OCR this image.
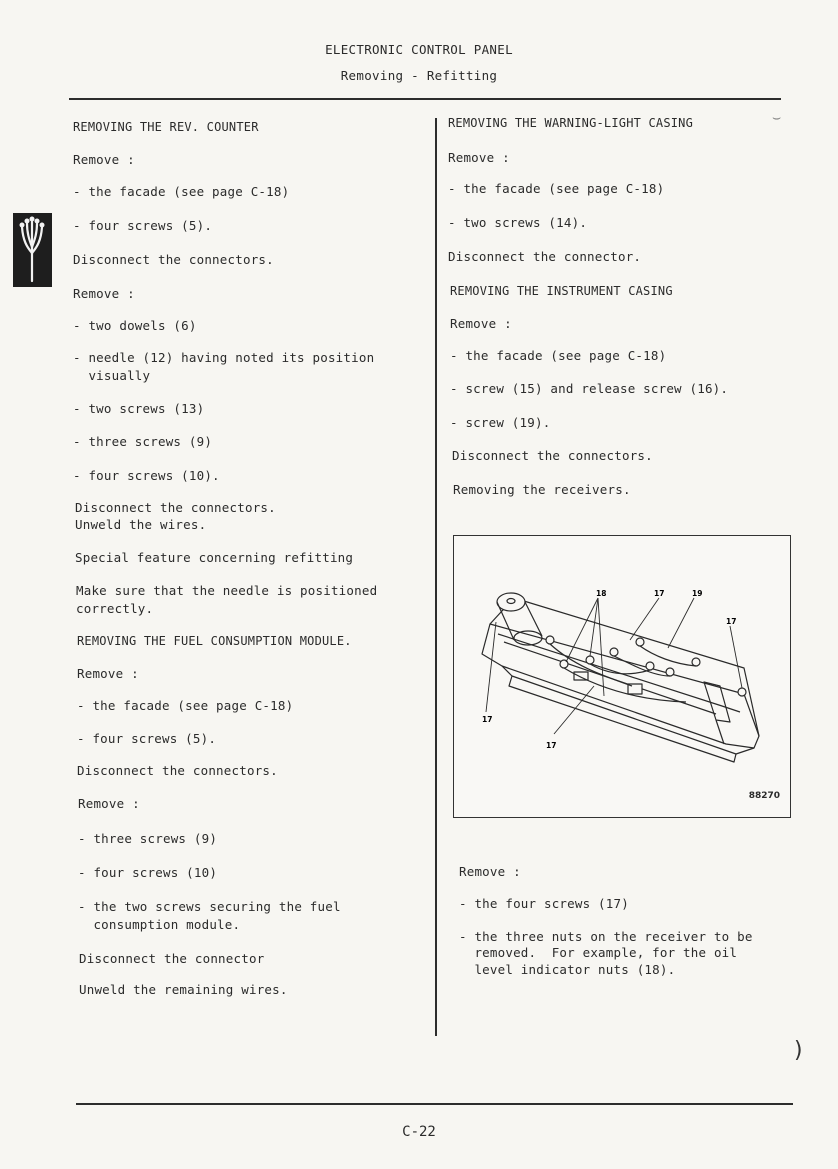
ELECTRONIC CONTROL PANEL
Removing - Refitting
REMOVING THE REV. COUNTER
Remove :
- the facade (see page C-18)
- four screws (5).
Disconnect the connectors.
Remove :
- two dowels (6)
- needle (12) having noted its position
visually
- two screws (13)
- three screws (9)
- four screws (10).
Disconnect the connectors.
Unweld the wires.
Special feature concerning refitting
Make sure that the needle is positioned
correctly.
REMOVING THE FUEL CONSUMPTION MODULE.
Remove :
- the facade (see page C-18)
- four screws (5).
Disconnect the connectors.
Remove :
- three screws (9)
- four screws (10)
- the two screws securing the fuel
consumption module.
Disconnect the connector
Unweld the remaining wires.
REMOVING THE WARNING-LIGHT CASING
Remove :
- the facade (see page C-18)
- two screws (14).
Disconnect the connector.
REMOVING THE INSTRUMENT CASING
Remove :
- the facade (see page C-18)
- screw (15) and release screw (16).
- screw (19).
Disconnect the connectors.
Removing the receivers.
18	17	19
17
17
17
88270
Remove :
- the four screws (17)
- the three nuts on the receiver to be
removed.  For example, for the oil
level indicator nuts (18).
⌣
)
C-22
